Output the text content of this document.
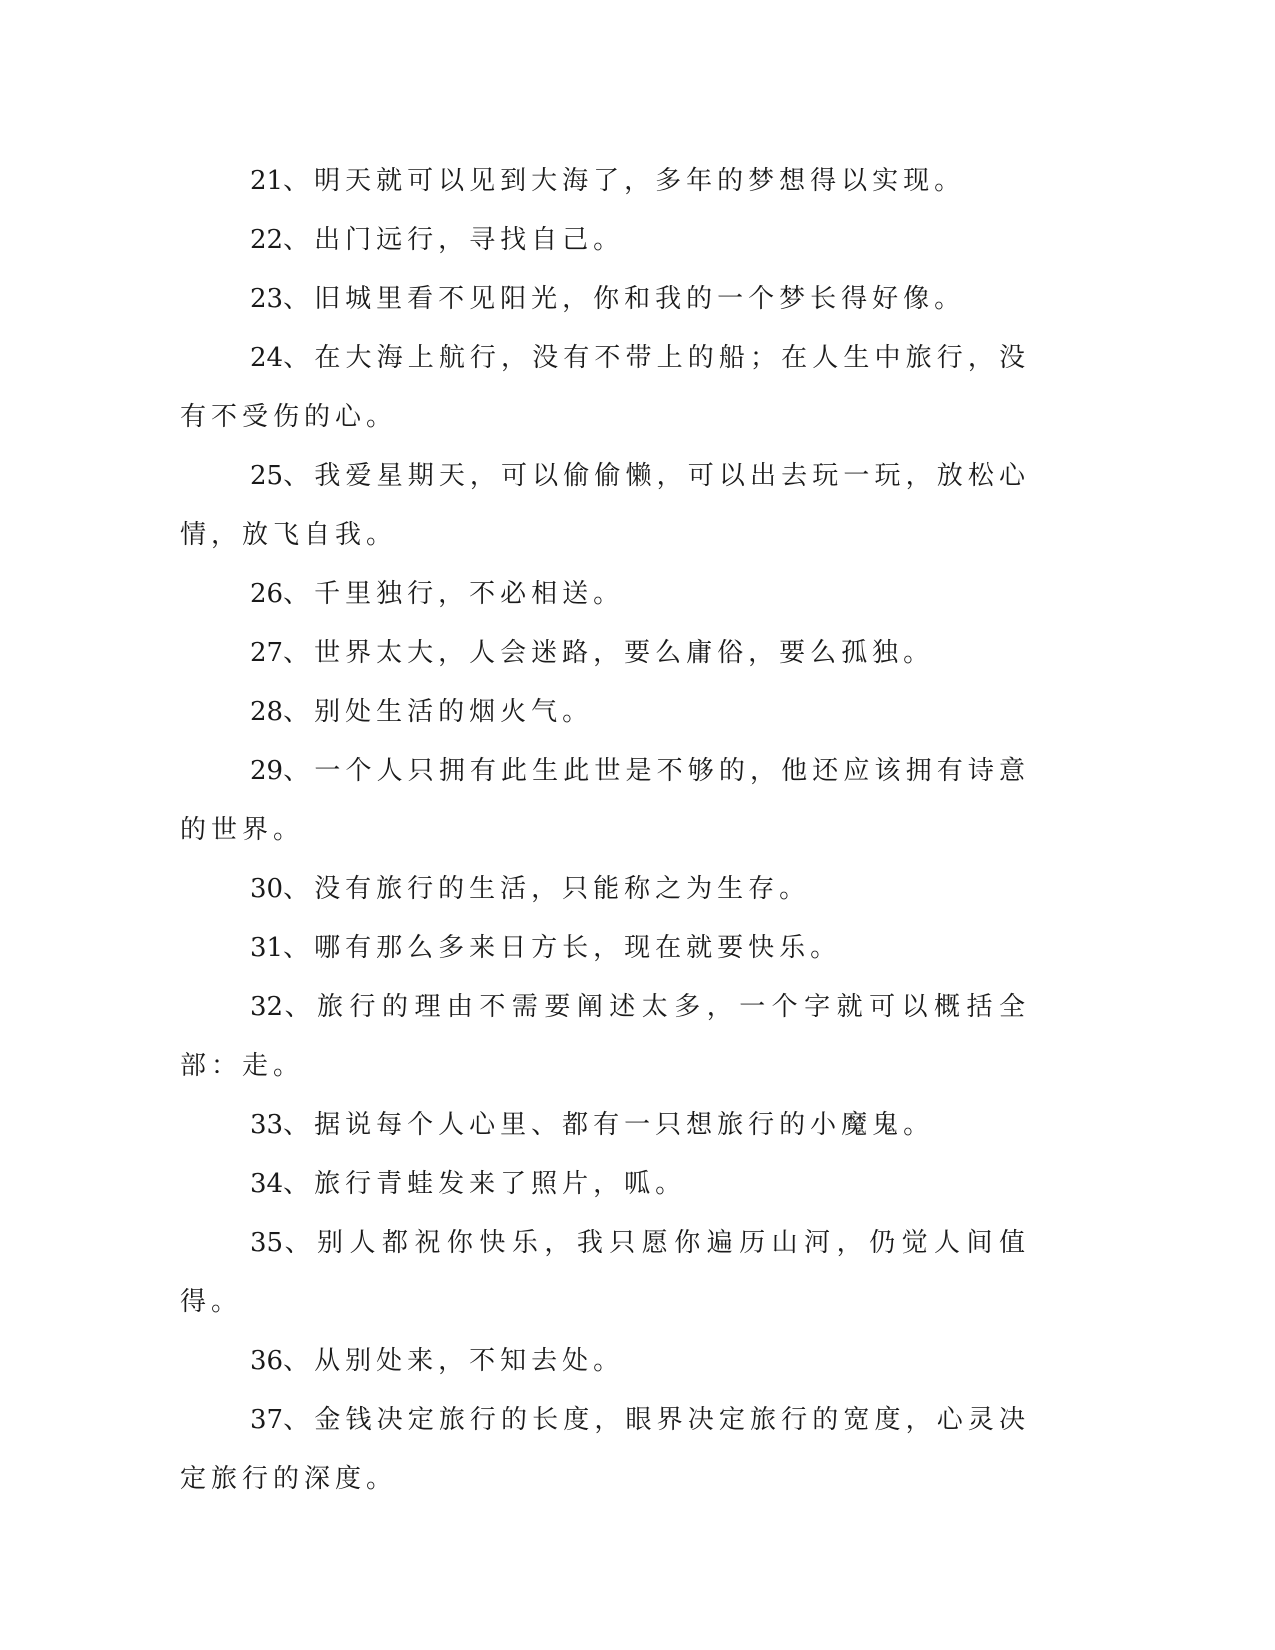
21、明天就可以见到大海了，多年的梦想得以实现。

22、出门远行，寻找自己。

23、旧城里看不见阳光，你和我的一个梦长得好像。

24、在大海上航行，没有不带上的船；在人生中旅行，没有不受伤的心。

25、我爱星期天，可以偷偷懒，可以出去玩一玩，放松心情，放飞自我。

26、千里独行，不必相送。

27、世界太大，人会迷路，要么庸俗，要么孤独。

28、别处生活的烟火气。

29、一个人只拥有此生此世是不够的，他还应该拥有诗意的世界。

30、没有旅行的生活，只能称之为生存。

31、哪有那么多来日方长，现在就要快乐。

32、旅行的理由不需要阐述太多，一个字就可以概括全部：走。

33、据说每个人心里、都有一只想旅行的小魔鬼。

34、旅行青蛙发来了照片，呱。

35、别人都祝你快乐，我只愿你遍历山河，仍觉人间值得。

36、从别处来，不知去处。

37、金钱决定旅行的长度，眼界决定旅行的宽度，心灵决定旅行的深度。
